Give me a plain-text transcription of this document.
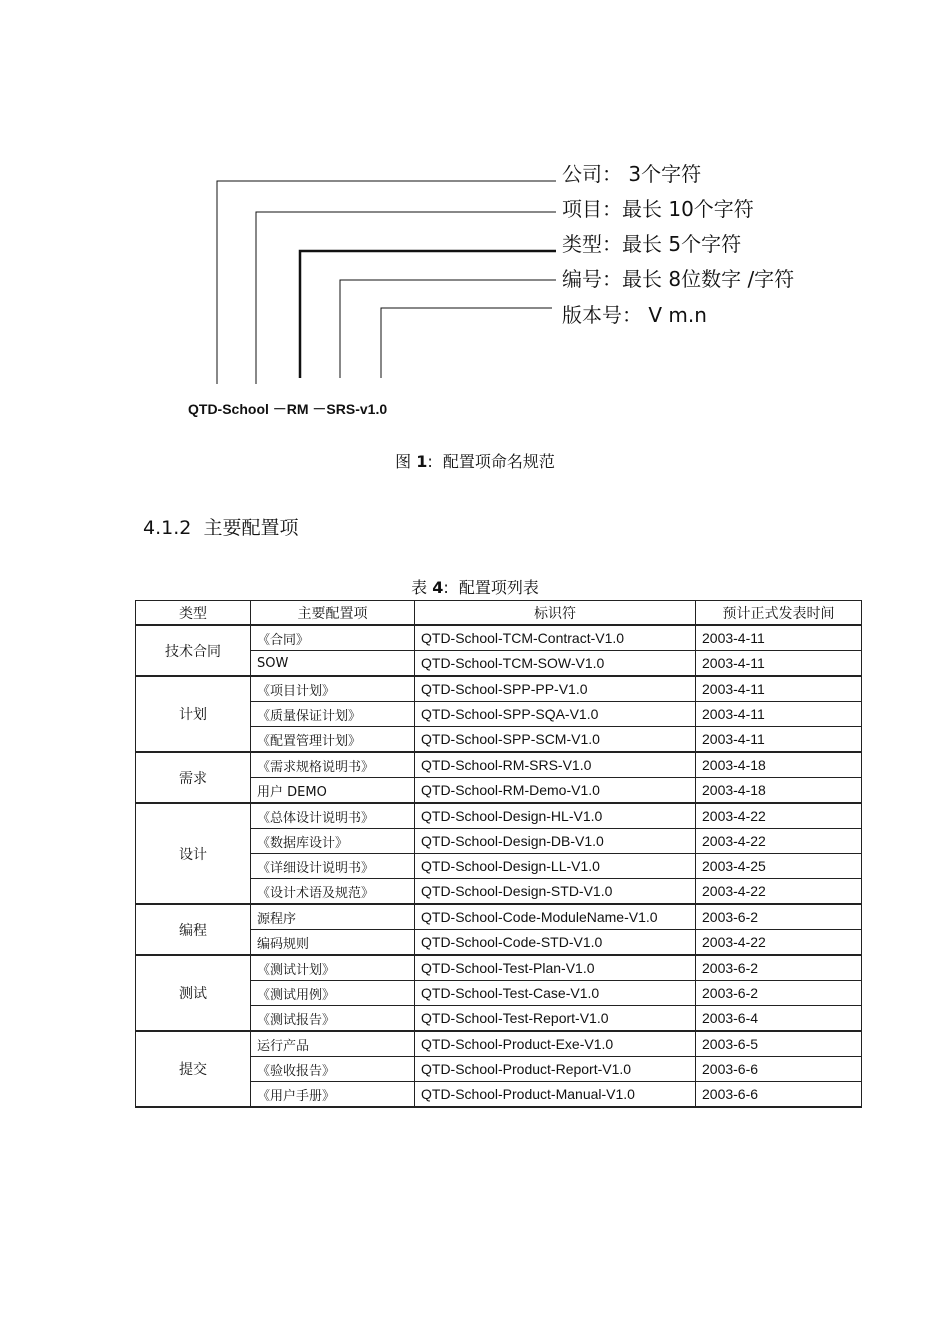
公司： 3个字符
项目：最长 10个字符
类型：最长 5个字符
编号：最长 8位数字 /字符
版本号： V m.n
QTD-School －RM －SRS-v1.0
图 1:  配置项命名规范
4.1.2 主要配置项
表 4:  配置项列表
类型	主要配置项	标识符	预计正式发表时间
技术合同	《合同》	QTD-School-TCM-Contract-V1.0	2003-4-11
	SOW	QTD-School-TCM-SOW-V1.0	2003-4-11
计划	《项目计划》	QTD-School-SPP-PP-V1.0	2003-4-11
	《质量保证计划》	QTD-School-SPP-SQA-V1.0	2003-4-11
	《配置管理计划》	QTD-School-SPP-SCM-V1.0	2003-4-11
需求	《需求规格说明书》	QTD-School-RM-SRS-V1.0	2003-4-18
	用户 DEMO	QTD-School-RM-Demo-V1.0	2003-4-18
设计	《总体设计说明书》	QTD-School-Design-HL-V1.0	2003-4-22
	《数据库设计》	QTD-School-Design-DB-V1.0	2003-4-22
	《详细设计说明书》	QTD-School-Design-LL-V1.0	2003-4-25
	《设计术语及规范》	QTD-School-Design-STD-V1.0	2003-4-22
编程	源程序	QTD-School-Code-ModuleName-V1.0	2003-6-2
	编码规则	QTD-School-Code-STD-V1.0	2003-4-22
测试	《测试计划》	QTD-School-Test-Plan-V1.0	2003-6-2
	《测试用例》	QTD-School-Test-Case-V1.0	2003-6-2
	《测试报告》	QTD-School-Test-Report-V1.0	2003-6-4
提交	运行产品	QTD-School-Product-Exe-V1.0	2003-6-5
	《验收报告》	QTD-School-Product-Report-V1.0	2003-6-6
	《用户手册》	QTD-School-Product-Manual-V1.0	2003-6-6
